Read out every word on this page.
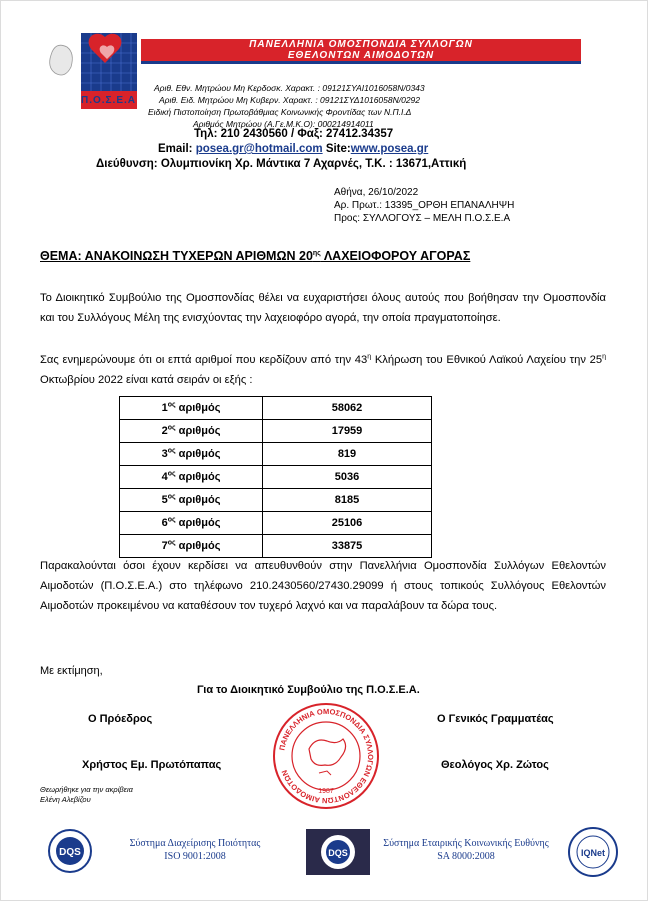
Π.Ο.Σ.Ε.Α
ΠΑΝΕΛΛΗΝΙΑ ΟΜΟΣΠΟΝΔΙΑ ΣΥΛΛΟΓΩΝ
ΕΘΕΛΟΝΤΩΝ ΑΙΜΟΔΟΤΩΝ
Αριθ. Εθν. Μητρώου Μη Κερδοσκ. Χαρακτ. : 09121ΣΥΑΙ1016058Ν/0343
Αριθ. Ειδ. Μητρώου Μη Κυβερν. Χαρακτ. : 09121ΣΥΔ1016058Ν/0292
Ειδική Πιστοποίηση Πρωτοβάθμιας Κοινωνικής Φροντίδας των Ν.Π.Ι.Δ
Αριθμός Μητρώου (Α.Γε.Μ.Κ.Ο): 000214914011
Τηλ: 210 2430560 / Φαξ: 27412.34357
Email: posea.gr@hotmail.com Site:www.posea.gr
Διεύθυνση: Ολυμπιονίκη Χρ. Μάντικα 7 Αχαρνές, Τ.Κ. : 13671,Αττική
Αθήνα, 26/10/2022
Αρ. Πρωτ.: 13395_ΟΡΘΗ ΕΠΑΝΑΛΗΨΗ
Προς: ΣΥΛΛΟΓΟΥΣ – ΜΕΛΗ Π.Ο.Σ.Ε.Α
ΘΕΜΑ: ΑΝΑΚΟΙΝΩΣΗ ΤΥΧΕΡΩΝ ΑΡΙΘΜΩΝ $20^{\eta\varsigma}$ ΛΑΧΕΙΟΦΟΡΟΥ ΑΓΟΡΑΣ
Το Διοικητικό Συμβούλιο της Ομοσπονδίας θέλει να ευχαριστήσει όλους αυτούς που βοήθησαν την Ομοσπονδία και του Συλλόγους Μέλη της ενισχύοντας την λαχειοφόρο αγορά, την οποία πραγματοποίησε.
Σας ενημερώνουμε ότι οι επτά αριθμοί που κερδίζουν από την $43^\eta$ Κλήρωση του Εθνικού Λαϊκού Λαχείου την $25^\eta$ Οκτωβρίου 2022 είναι κατά σειράν οι εξής :
$1^{o\varsigma}$ αριθμός	58062
$2^{o\varsigma}$ αριθμός	17959
$3^{o\varsigma}$ αριθμός	819
$4^{o\varsigma}$ αριθμός	5036
$5^{o\varsigma}$ αριθμός	8185
$6^{o\varsigma}$ αριθμός	25106
$7^{o\varsigma}$ αριθμός	33875
Παρακαλούνται όσοι έχουν κερδίσει να απευθυνθούν στην Πανελλήνια Ομοσπονδία Συλλόγων Εθελοντών Αιμοδοτών (Π.Ο.Σ.Ε.Α.) στο τηλέφωνο 210.2430560/27430.29099 ή στους τοπικούς Συλλόγους Εθελοντών Αιμοδοτών προκειμένου να καταθέσουν τον τυχερό λαχνό και να παραλάβουν τα δώρα τους.
Με εκτίμηση,
Για το Διοικητικό Συμβούλιο της Π.Ο.Σ.Ε.Α.
Ο Πρόεδρος	Ο Γενικός Γραμματέας
Χρήστος Εμ. Πρωτόπαπας	Θεολόγος Χρ. Ζώτος
Θεωρήθηκε για την ακρίβεια
Ελένη Αλεβίζου
ΠΑΝΕΛΛΗΝΙΑ ΟΜΟΣΠΟΝΔΙΑ ΣΥΛΛΟΓΩΝ ΕΘΕΛΟΝΤΩΝ ΑΙΜΟΔΟΤΩΝ
1987
DQS
Σύστημα Διαχείρισης Ποιότητας
ISO 9001:2008	DQS
Σύστημα Εταιρικής Κοινωνικής Ευθύνης
SA 8000:2008	IQNet
